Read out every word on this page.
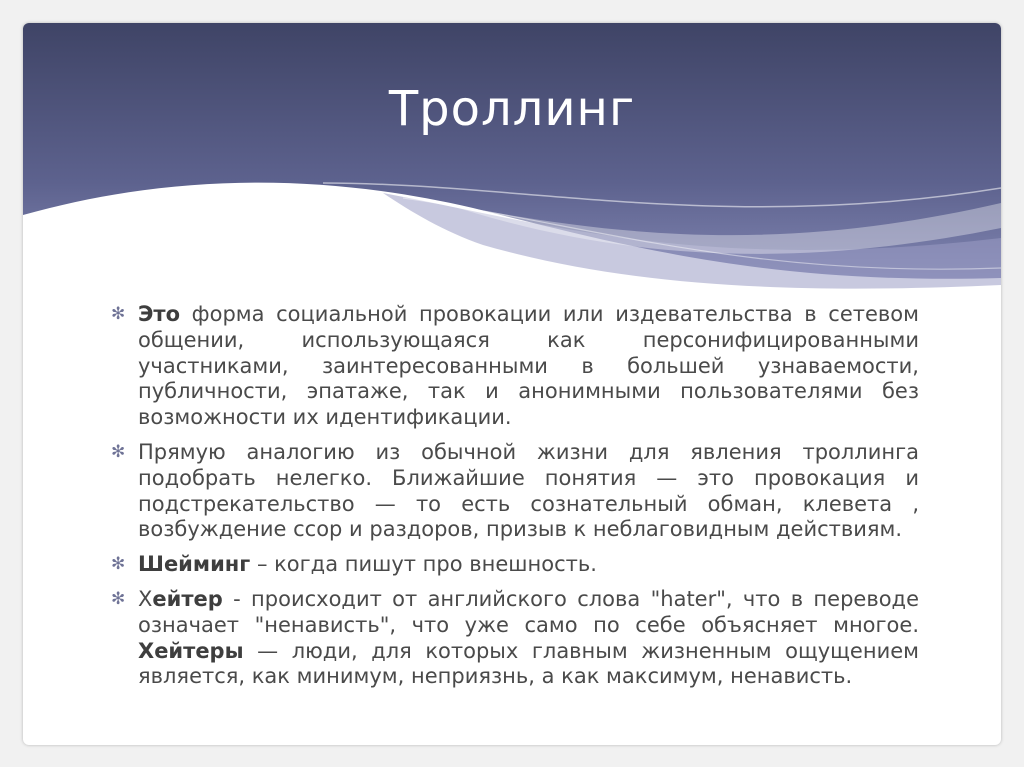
Троллинг
✻ Это форма социальной провокации или издевательства в сетевом общении, использующаяся как персонифицированными участниками, заинтересованными в большей узнаваемости, публичности, эпатаже, так и анонимными пользователями без возможности их идентификации.
✻ Прямую аналогию из обычной жизни для явления троллинга подобрать нелегко. Ближайшие понятия — это провокация и подстрекательство — то есть сознательный обман, клевета , возбуждение ссор и раздоров, призыв к неблаговидным действиям.
✻ Шейминг – когда пишут про внешность.
✻ Хейтер - происходит от английского слова "hater", что в переводе означает "ненависть", что уже само по себе объясняет многое. Хейтеры — люди, для которых главным жизненным ощущением является, как минимум, неприязнь, а как максимум, ненависть.
